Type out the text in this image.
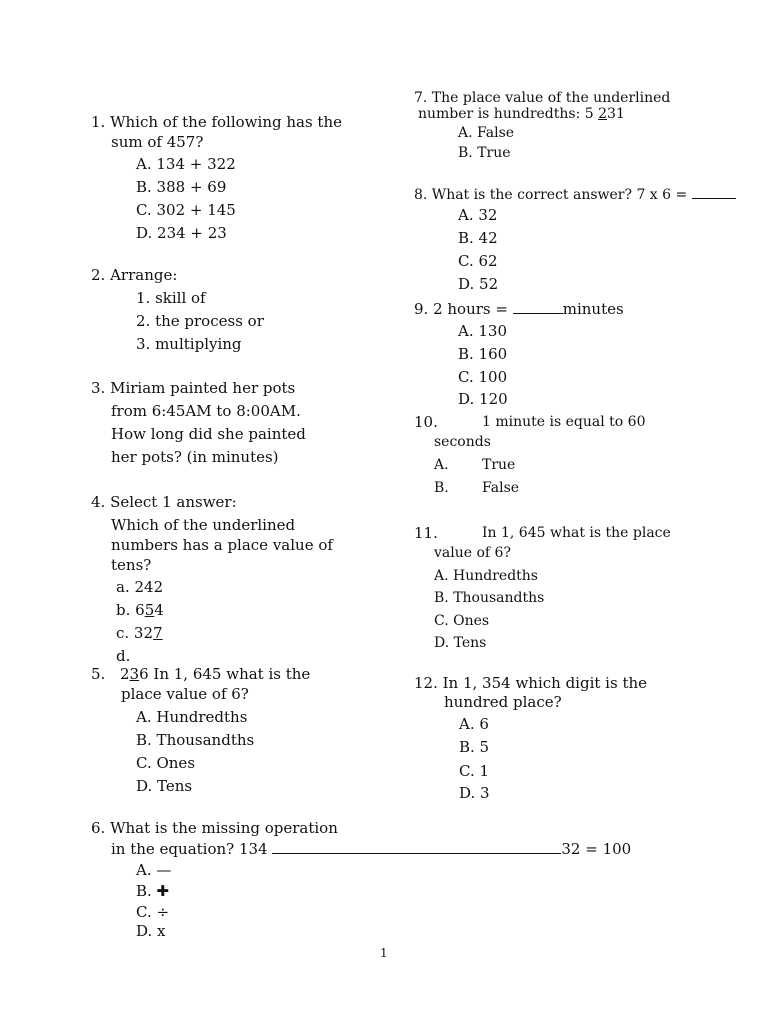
1. Which of the following has the
sum of 457?
A. 134 + 322
B. 388 + 69
C. 302 + 145
D. 234 + 23
2. Arrange:
1. skill of
2. the process or
3. multiplying
3. Miriam painted her pots
from 6:45AM to 8:00AM.
How long did she painted
her pots? (in minutes)
4. Select 1 answer:
Which of the underlined
numbers has a place value of
tens?
a. 242
b. 654
c. 327
d.
5. 236 In 1, 645 what is the
place value of 6?
A. Hundredths
B. Thousandths
C. Ones
D. Tens
6. What is the missing operation
in the equation? 134	32 = 100
A. —
B. ✚
C. ÷
D. x
7. The place value of the underlined
number is hundredths: 5 231
A. False
B. True
8. What is the correct answer? 7 x 6 =
A. 32
B. 42
C. 62
D. 52
9. 2 hours =	minutes
A. 130
B. 160
C. 100
D. 120
10.	1 minute is equal to 60
seconds
A. True
B. False
11.	In 1, 645 what is the place
value of 6?
A. Hundredths
B. Thousandths
C. Ones
D. Tens
12. In 1, 354 which digit is the
hundred place?
A. 6
B. 5
C. 1
D. 3
1
